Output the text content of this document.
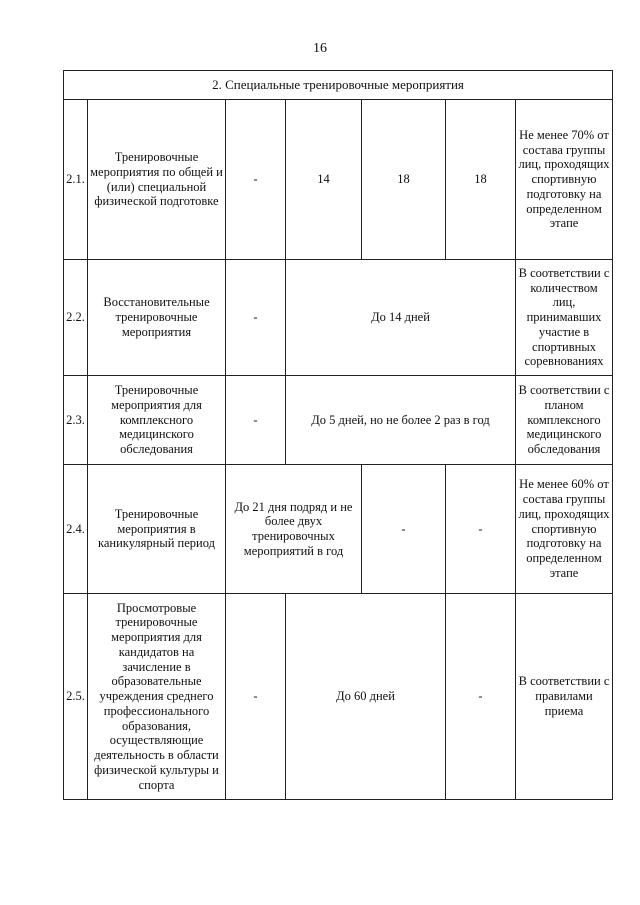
16
2. Специальные тренировочные мероприятия						
2.1.	Тренировочные мероприятия по общей и (или) специальной физической подготовке	-	14	18	18	Не менее 70% от состава группы лиц, проходящих спортивную подготовку на определенном этапе
2.2.	Восстановительные тренировочные мероприятия	-	До 14 дней			В соответствии с количеством лиц, принимавших участие в спортивных соревнованиях
2.3.	Тренировочные мероприятия для комплексного медицинского обследования	-	До 5 дней, но не более 2 раз в год			В соответствии с планом комплексного медицинского обследования
2.4.	Тренировочные мероприятия в каникулярный период	До 21 дня подряд и не более двух тренировочных мероприятий в год		-	-	Не менее 60% от состава группы лиц, проходящих спортивную подготовку на определенном этапе
2.5.	Просмотровые тренировочные мероприятия для кандидатов на зачисление в образовательные учреждения среднего профессионального образования, осуществляющие деятельность в области физической культуры и спорта	-	До 60 дней		-	В соответствии с правилами приема
